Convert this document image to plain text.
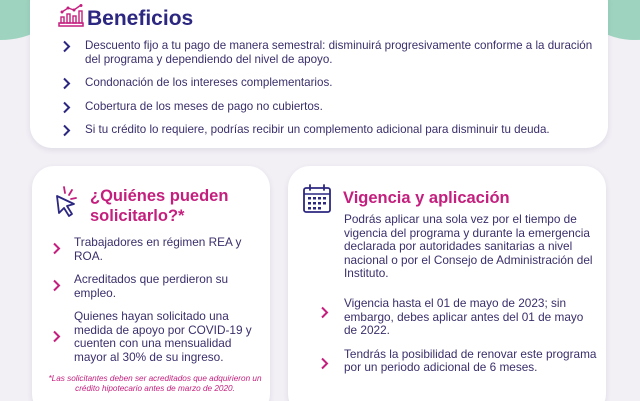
Beneficios
Descuento fijo a tu pago de manera semestral: disminuirá progresivamente conforme a la duración del programa y dependiendo del nivel de apoyo.
Condonación de los intereses complementarios.
Cobertura de los meses de pago no cubiertos.
Si tu crédito lo requiere, podrías recibir un complemento adicional para disminuir tu deuda.
¿Quiénes pueden solicitarlo?*
Trabajadores en régimen REA y ROA.
Acreditados que perdieron su empleo.
Quienes hayan solicitado una medida de apoyo por COVID-19 y cuenten con una mensualidad mayor al 30% de su ingreso.
*Las solicitantes deben ser acreditados que adquirieron un crédito hipotecario antes de marzo de 2020.
Vigencia y aplicación
Podrás aplicar una sola vez por el tiempo de vigencia del programa y durante la emergencia declarada por autoridades sanitarias a nivel nacional o por el Consejo de Administración del Instituto.
Vigencia hasta el 01 de mayo de 2023; sin embargo, debes aplicar antes del 01 de mayo de 2022.
Tendrás la posibilidad de renovar este programa por un periodo adicional de 6 meses.
